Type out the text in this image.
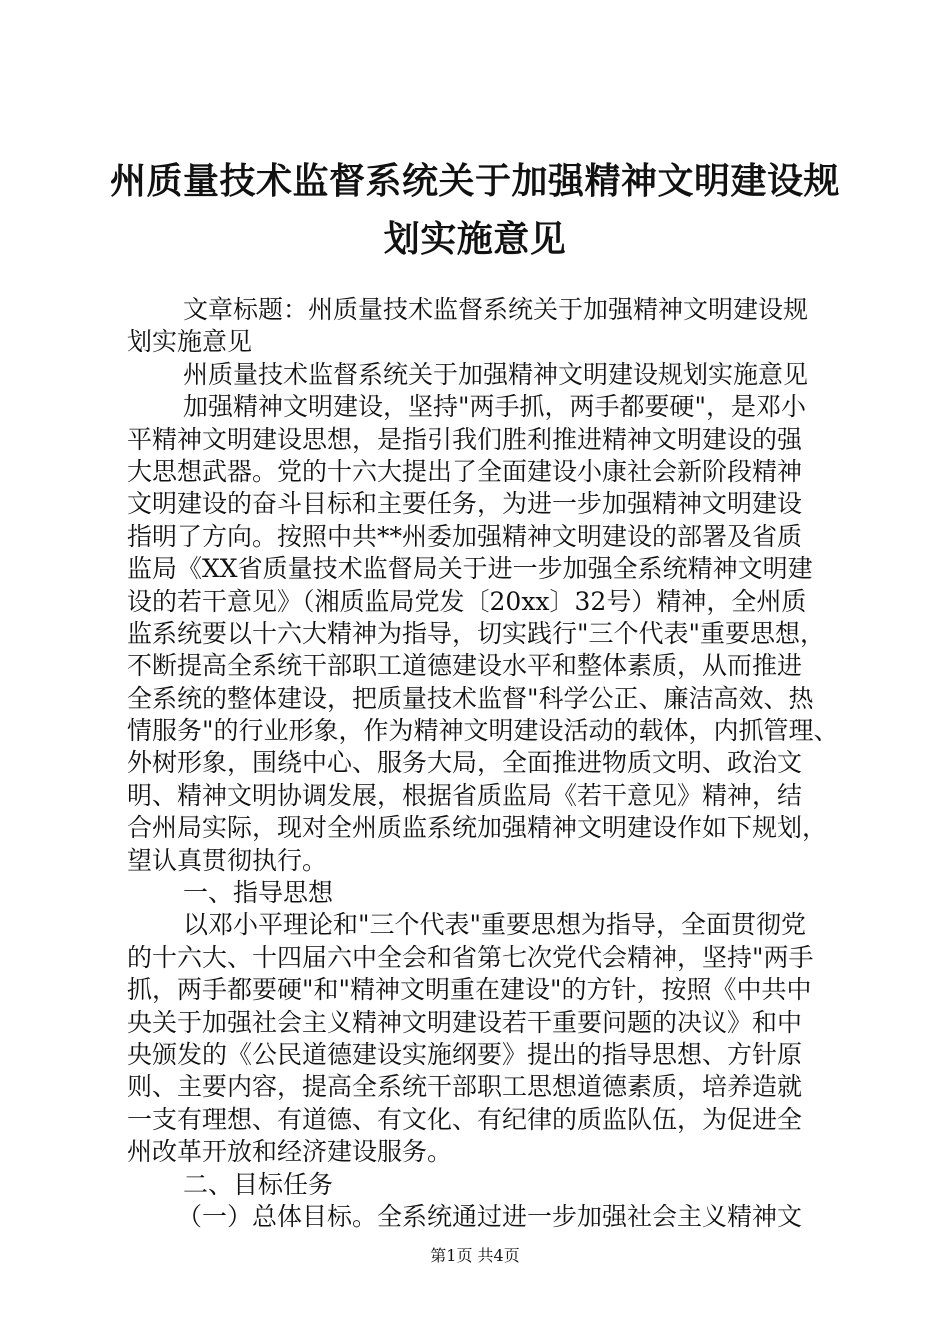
州质量技术监督系统关于加强精神文明建设规
划实施意见
文章标题：州质量技术监督系统关于加强精神文明建设规
划实施意见
州质量技术监督系统关于加强精神文明建设规划实施意见
加强精神文明建设，坚持"两手抓，两手都要硬"，是邓小
平精神文明建设思想，是指引我们胜利推进精神文明建设的强
大思想武器。党的十六大提出了全面建设小康社会新阶段精神
文明建设的奋斗目标和主要任务，为进一步加强精神文明建设
指明了方向。按照中共**州委加强精神文明建设的部署及省质
监局《XX省质量技术监督局关于进一步加强全系统精神文明建
设的若干意见》（湘质监局党发〔20xx〕32号）精神，全州质
监系统要以十六大精神为指导，切实践行"三个代表"重要思想，
不断提高全系统干部职工道德建设水平和整体素质，从而推进
全系统的整体建设，把质量技术监督"科学公正、廉洁高效、热
情服务"的行业形象，作为精神文明建设活动的载体，内抓管理、
外树形象，围绕中心、服务大局，全面推进物质文明、政治文
明、精神文明协调发展，根据省质监局《若干意见》精神，结
合州局实际，现对全州质监系统加强精神文明建设作如下规划，
望认真贯彻执行。
一、指导思想
以邓小平理论和"三个代表"重要思想为指导，全面贯彻党
的十六大、十四届六中全会和省第七次党代会精神，坚持"两手
抓，两手都要硬"和"精神文明重在建设"的方针，按照《中共中
央关于加强社会主义精神文明建设若干重要问题的决议》和中
央颁发的《公民道德建设实施纲要》提出的指导思想、方针原
则、主要内容，提高全系统干部职工思想道德素质，培养造就
一支有理想、有道德、有文化、有纪律的质监队伍，为促进全
州改革开放和经济建设服务。
二、目标任务
（一）总体目标。全系统通过进一步加强社会主义精神文
第1页 共4页
